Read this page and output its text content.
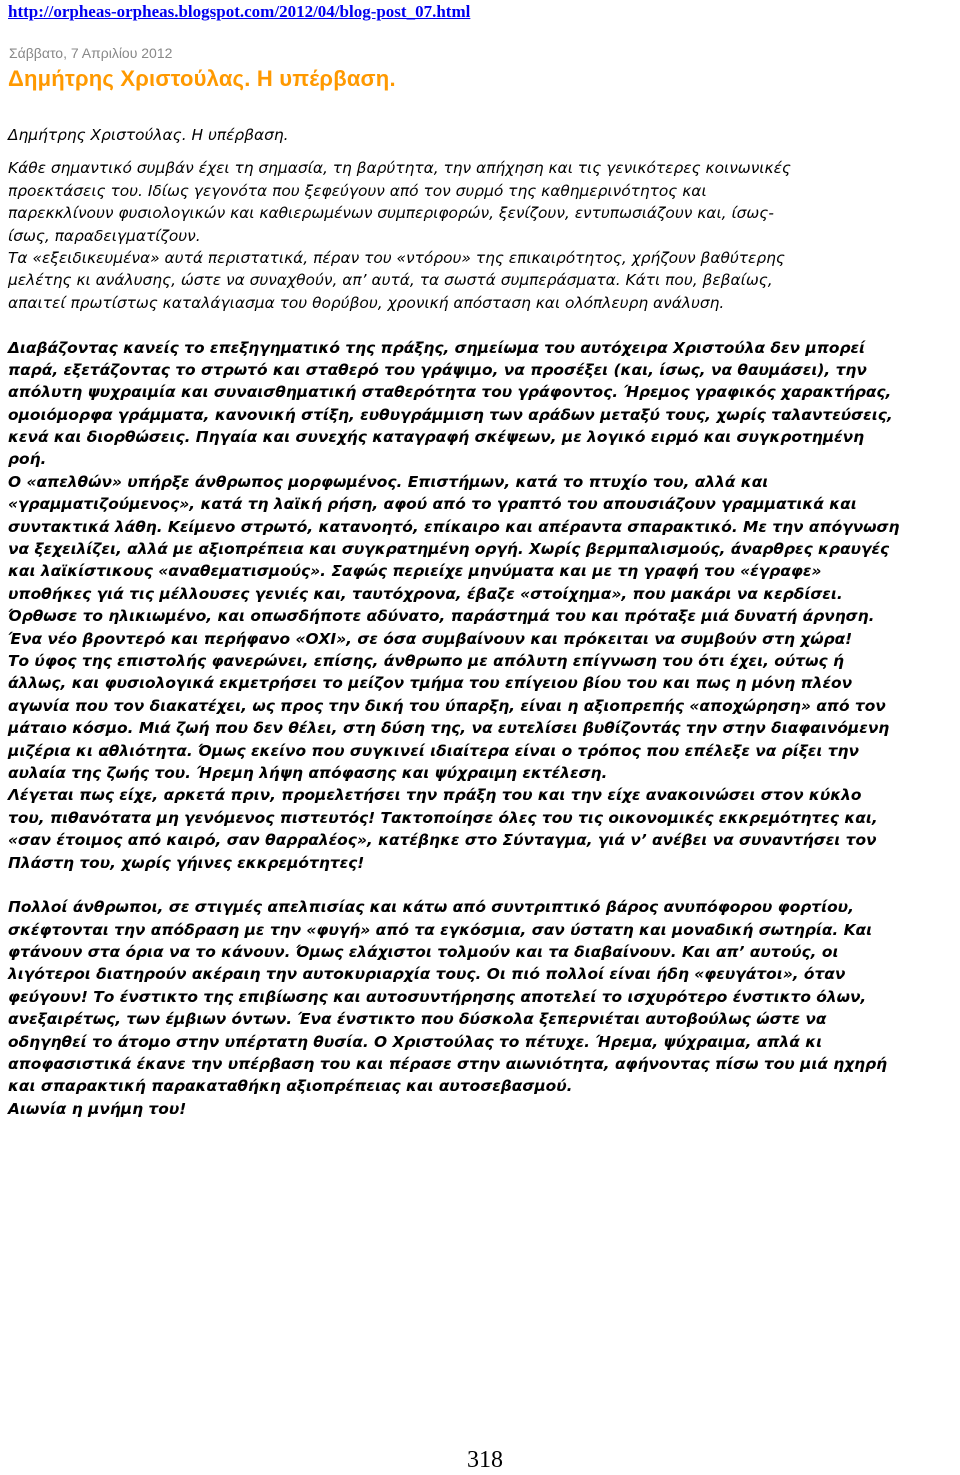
http://orpheas-orpheas.blogspot.com/2012/04/blog-post_07.html
Σάββατο, 7 Απριλίου 2012
Δημήτρης Χριστούλας. Η υπέρβαση.
Δημήτρης Χριστούλας. Η υπέρβαση.
Κάθε σημαντικό συμβάν έχει τη σημασία, τη βαρύτητα, την απήχηση και τις γενικότερες κοινωνικές
προεκτάσεις του. Ιδίως γεγονότα που ξεφεύγουν από τον συρμό της καθημερινότητος και
παρεκκλίνουν φυσιολογικών και καθιερωμένων συμπεριφορών, ξενίζουν, εντυπωσιάζουν και, ίσως-
ίσως, παραδειγματίζουν.
Τα «εξειδικευμένα» αυτά περιστατικά, πέραν του «ντόρου» της επικαιρότητος, χρήζουν βαθύτερης
μελέτης κι ανάλυσης, ώστε να συναχθούν, απ’ αυτά, τα σωστά συμπεράσματα. Κάτι που, βεβαίως,
απαιτεί πρωτίστως καταλάγιασμα του θορύβου, χρονική απόσταση και ολόπλευρη ανάλυση.
Διαβάζοντας κανείς το επεξηγηματικό της πράξης, σημείωμα του αυτόχειρα Χριστούλα δεν μπορεί
παρά, εξετάζοντας το στρωτό και σταθερό του γράψιμο, να προσέξει (και, ίσως, να θαυμάσει), την
απόλυτη ψυχραιμία και συναισθηματική σταθερότητα του γράφοντος. Ήρεμος γραφικός χαρακτήρας,
ομοιόμορφα γράμματα, κανονική στίξη, ευθυγράμμιση των αράδων μεταξύ τους, χωρίς ταλαντεύσεις,
κενά και διορθώσεις. Πηγαία και συνεχής καταγραφή σκέψεων, με λογικό ειρμό και συγκροτημένη
ροή.
Ο «απελθών» υπήρξε άνθρωπος μορφωμένος. Επιστήμων, κατά το πτυχίο του, αλλά και
«γραμματιζούμενος», κατά τη λαϊκή ρήση, αφού από το γραπτό του απουσιάζουν γραμματικά και
συντακτικά λάθη. Κείμενο στρωτό, κατανοητό, επίκαιρο και απέραντα σπαρακτικό. Με την απόγνωση
να ξεχειλίζει, αλλά με αξιοπρέπεια και συγκρατημένη οργή. Χωρίς βερμπαλισμούς, άναρθρες κραυγές
και λαϊκίστικους «αναθεματισμούς». Σαφώς περιείχε μηνύματα και με τη γραφή του «έγραφε»
υποθήκες γιά τις μέλλουσες γενιές και, ταυτόχρονα, έβαζε «στοίχημα», που μακάρι να κερδίσει.
Όρθωσε το ηλικιωμένο, και οπωσδήποτε αδύνατο, παράστημά του και πρόταξε μιά δυνατή άρνηση.
Ένα νέο βροντερό και περήφανο «ΟΧΙ», σε όσα συμβαίνουν και πρόκειται να συμβούν στη χώρα!
Το ύφος της επιστολής φανερώνει, επίσης, άνθρωπο με απόλυτη επίγνωση του ότι έχει, ούτως ή
άλλως, και φυσιολογικά εκμετρήσει το μείζον τμήμα του επίγειου βίου του και πως η μόνη πλέον
αγωνία που τον διακατέχει, ως προς την δική του ύπαρξη, είναι η αξιοπρεπής «αποχώρηση» από τον
μάταιο κόσμο. Μιά ζωή που δεν θέλει, στη δύση της, να ευτελίσει βυθίζοντάς την στην διαφαινόμενη
μιζέρια κι αθλιότητα. Όμως εκείνο που συγκινεί ιδιαίτερα είναι ο τρόπος που επέλεξε να ρίξει την
αυλαία της ζωής του. Ήρεμη λήψη απόφασης και ψύχραιμη εκτέλεση.
Λέγεται πως είχε, αρκετά πριν, προμελετήσει την πράξη του και την είχε ανακοινώσει στον κύκλο
του, πιθανότατα μη γενόμενος πιστευτός! Τακτοποίησε όλες του τις οικονομικές εκκρεμότητες και,
«σαν έτοιμος από καιρό, σαν θαρραλέος», κατέβηκε στο Σύνταγμα, γιά ν’ ανέβει να συναντήσει τον
Πλάστη του, χωρίς γήινες εκκρεμότητες!
Πολλοί άνθρωποι, σε στιγμές απελπισίας και κάτω από συντριπτικό βάρος ανυπόφορου φορτίου,
σκέφτονται την απόδραση με την «φυγή» από τα εγκόσμια, σαν ύστατη και μοναδική σωτηρία. Και
φτάνουν στα όρια να το κάνουν. Όμως ελάχιστοι τολμούν και τα διαβαίνουν. Και απ’ αυτούς, οι
λιγότεροι διατηρούν ακέραιη την αυτοκυριαρχία τους. Οι πιό πολλοί είναι ήδη «φευγάτοι», όταν
φεύγουν! Το ένστικτο της επιβίωσης και αυτοσυντήρησης αποτελεί το ισχυρότερο ένστικτο όλων,
ανεξαιρέτως, των έμβιων όντων. Ένα ένστικτο που δύσκολα ξεπερνιέται αυτοβούλως ώστε να
οδηγηθεί το άτομο στην υπέρτατη θυσία. Ο Χριστούλας το πέτυχε. Ήρεμα, ψύχραιμα, απλά κι
αποφασιστικά έκανε την υπέρβαση του και πέρασε στην αιωνιότητα, αφήνοντας πίσω του μιά ηχηρή
και σπαρακτική παρακαταθήκη αξιοπρέπειας και αυτοσεβασμού.
Αιωνία η μνήμη του!
318
